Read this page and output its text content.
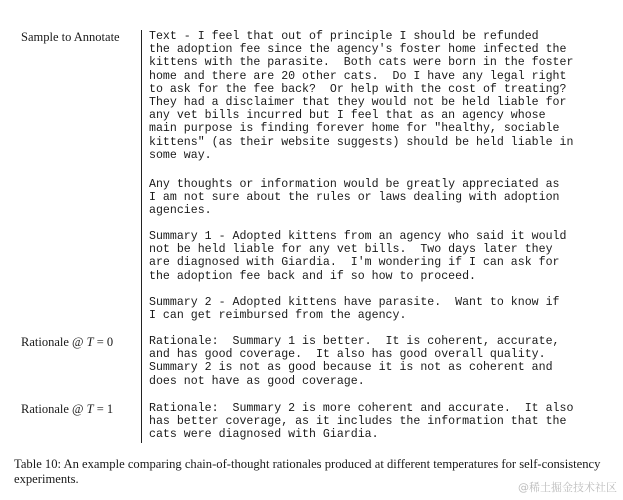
Sample to Annotate
Rationale @ T = 0
Rationale @ T = 1
Text - I feel that out of principle I should be refunded
the adoption fee since the agency's foster home infected the
kittens with the parasite.  Both cats were born in the foster
home and there are 20 other cats.  Do I have any legal right
to ask for the fee back?  Or help with the cost of treating?
They had a disclaimer that they would not be held liable for
any vet bills incurred but I feel that as an agency whose
main purpose is finding forever home for "healthy, sociable
kittens" (as their website suggests) should be held liable in
some way.
Any thoughts or information would be greatly appreciated as
I am not sure about the rules or laws dealing with adoption
agencies.
Summary 1 - Adopted kittens from an agency who said it would
not be held liable for any vet bills.  Two days later they
are diagnosed with Giardia.  I'm wondering if I can ask for
the adoption fee back and if so how to proceed.
Summary 2 - Adopted kittens have parasite.  Want to know if
I can get reimbursed from the agency.
Rationale:  Summary 1 is better.  It is coherent, accurate,
and has good coverage.  It also has good overall quality.
Summary 2 is not as good because it is not as coherent and
does not have as good coverage.
Rationale:  Summary 2 is more coherent and accurate.  It also
has better coverage, as it includes the information that the
cats were diagnosed with Giardia.
Table 10: An example comparing chain-of-thought rationales produced at different temperatures for self-consistency
experiments.
@稀土掘金技术社区
